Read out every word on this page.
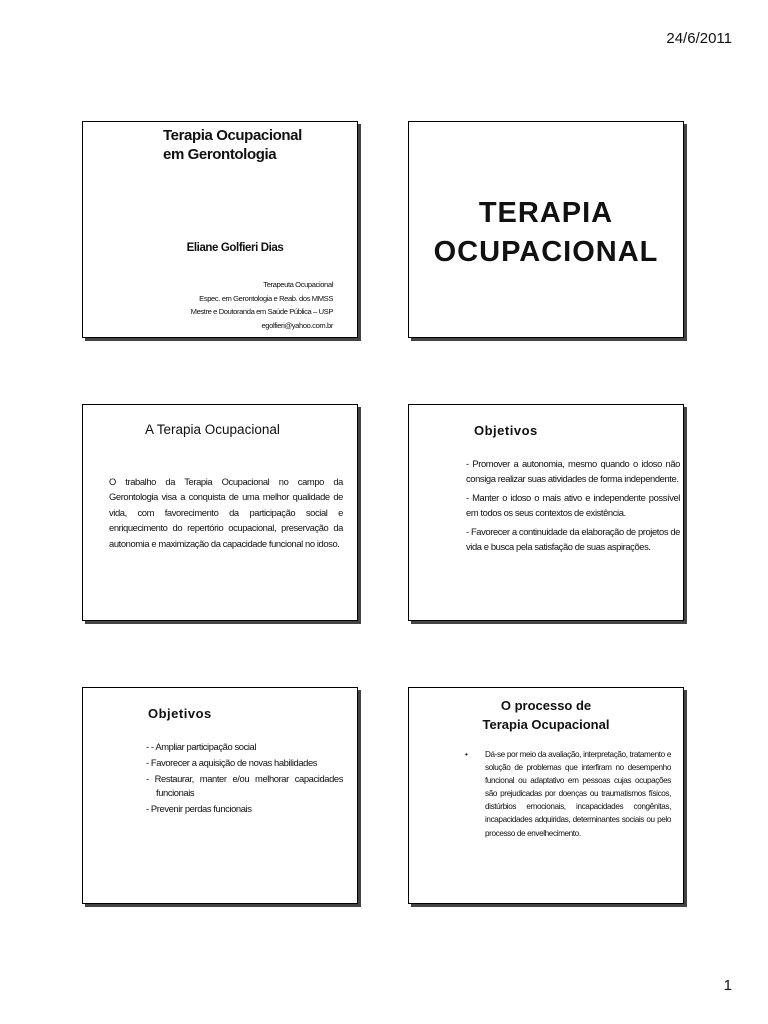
24/6/2011
Terapia Ocupacional
em Gerontologia
Eliane Golfieri Dias
Terapeuta Ocupacional
Espec. em Gerontologia e Reab. dos MMSS
Mestre e Doutoranda em Saúde Pública – USP
egolfieri@yahoo.com.br
TERAPIA
OCUPACIONAL
A Terapia Ocupacional
O trabalho da Terapia Ocupacional no campo da Gerontologia visa a conquista de uma melhor qualidade de vida, com favorecimento da participação social e enriquecimento do repertório ocupacional, preservação da autonomia e maximização da capacidade funcional no idoso.
Objetivos

- Promover a autonomia, mesmo quando o idoso não consiga realizar suas atividades de forma independente.

- Manter o idoso o mais ativo e independente possível em todos os seus contextos de existência.

- Favorecer a continuidade da elaboração de projetos de vida e busca pela satisfação de suas aspirações.

Objetivos
- - Ampliar participação social
- Favorecer a aquisição de novas habilidades
- Restaurar, manter e/ou melhorar capacidades funcionais
- Prevenir perdas funcionais
O processo de
Terapia Ocupacional
• Dá-se por meio da avaliação, interpretação, tratamento e solução de problemas que interfiram no desempenho funcional ou adaptativo em pessoas cujas ocupações são prejudicadas por doenças ou traumatismos físicos, distúrbios emocionais, incapacidades congênitas, incapacidades adquiridas, determinantes sociais ou pelo processo de envelhecimento.
1
